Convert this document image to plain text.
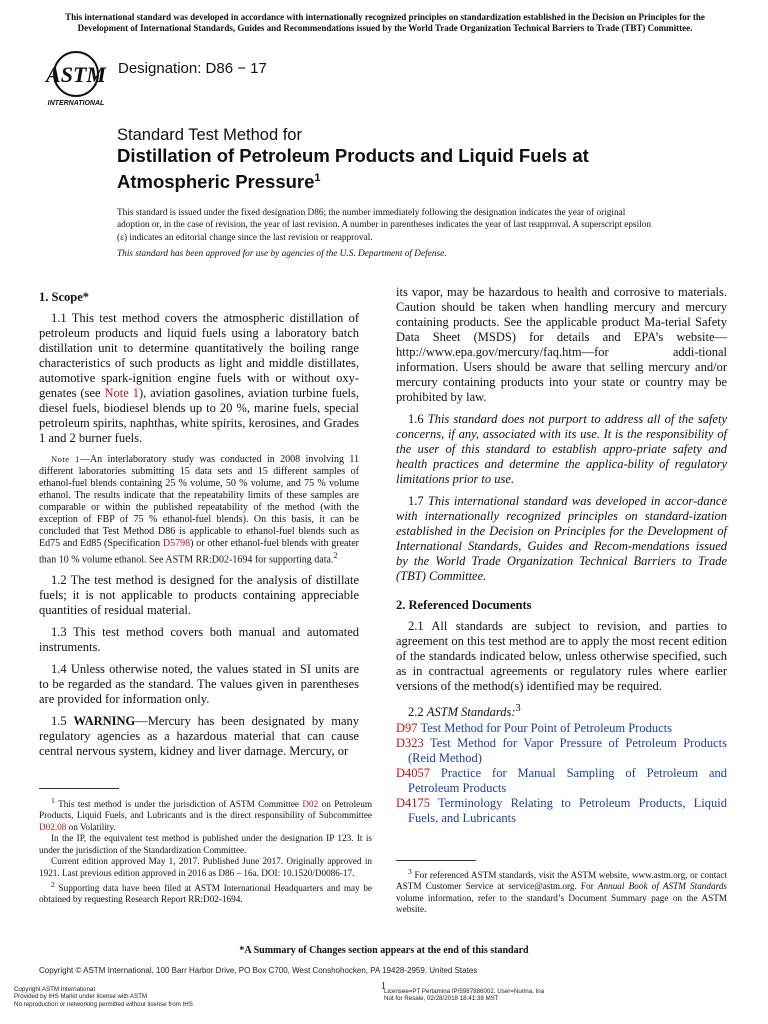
This international standard was developed in accordance with internationally recognized principles on standardization established in the Decision on Principles for the Development of International Standards, Guides and Recommendations issued by the World Trade Organization Technical Barriers to Trade (TBT) Committee.
ASTM
INTERNATIONAL
Designation: D86 − 17
Standard Test Method for
Distillation of Petroleum Products and Liquid Fuels at
Atmospheric Pressure$^1$
This standard is issued under the fixed designation D86; the number immediately following the designation indicates the year of original adoption or, in the case of revision, the year of last revision. A number in parentheses indicates the year of last reapproval. A superscript epsilon (ε) indicates an editorial change since the last revision or reapproval.
This standard has been approved for use by agencies of the U.S. Department of Defense.
1. Scope*

1.1 This test method covers the atmospheric distillation of petroleum products and liquid fuels using a laboratory batch distillation unit to determine quantitatively the boiling range characteristics of such products as light and middle distillates, automotive spark-ignition engine fuels with or without oxy-genates (see Note 1), aviation gasolines, aviation turbine fuels, diesel fuels, biodiesel blends up to 20 %, marine fuels, special petroleum spirits, naphthas, white spirits, kerosines, and Grades 1 and 2 burner fuels.

Note 1—An interlaboratory study was conducted in 2008 involving 11 different laboratories submitting 15 data sets and 15 different samples of ethanol-fuel blends containing 25 % volume, 50 % volume, and 75 % volume ethanol. The results indicate that the repeatability limits of these samples are comparable or within the published repeatability of the method (with the exception of FBP of 75 % ethanol-fuel blends). On this basis, it can be concluded that Test Method D86 is applicable to ethanol-fuel blends such as Ed75 and Ed85 (Specification D5798) or other ethanol-fuel blends with greater than 10 % volume ethanol. See ASTM RR:D02-1694 for supporting data.$^2$

1.2 The test method is designed for the analysis of distillate fuels; it is not applicable to products containing appreciable quantities of residual material.

1.3 This test method covers both manual and automated instruments.

1.4 Unless otherwise noted, the values stated in SI units are to be regarded as the standard. The values given in parentheses are provided for information only.

1.5 WARNING—Mercury has been designated by many regulatory agencies as a hazardous material that can cause central nervous system, kidney and liver damage. Mercury, or

its vapor, may be hazardous to health and corrosive to materials. Caution should be taken when handling mercury and mercury containing products. See the applicable product Ma-terial Safety Data Sheet (MSDS) for details and EPA’s website—http://www.epa.gov/mercury/faq.htm—for addi-tional information. Users should be aware that selling mercury and/or mercury containing products into your state or country may be prohibited by law.

1.6 This standard does not purport to address all of the safety concerns, if any, associated with its use. It is the responsibility of the user of this standard to establish appro-priate safety and health practices and determine the applica-bility of regulatory limitations prior to use.

1.7 This international standard was developed in accor-dance with internationally recognized principles on standard-ization established in the Decision on Principles for the Development of International Standards, Guides and Recom-mendations issued by the World Trade Organization Technical Barriers to Trade (TBT) Committee.

2. Referenced Documents

2.1 All standards are subject to revision, and parties to agreement on this test method are to apply the most recent edition of the standards indicated below, unless otherwise specified, such as in contractual agreements or regulatory rules where earlier versions of the method(s) identified may be required.

2.2 ASTM Standards:$^3$

D97 Test Method for Pour Point of Petroleum Products
D323 Test Method for Vapor Pressure of Petroleum Products (Reid Method)
D4057 Practice for Manual Sampling of Petroleum and Petroleum Products
D4175 Terminology Relating to Petroleum Products, Liquid Fuels, and Lubricants

$^1$ This test method is under the jurisdiction of ASTM Committee D02 on Petroleum Products, Liquid Fuels, and Lubricants and is the direct responsibility of Subcommittee D02.08 on Volatility.

In the IP, the equivalent test method is published under the designation IP 123. It is under the jurisdiction of the Standardization Committee.

Current edition approved May 1, 2017. Published June 2017. Originally approved in 1921. Last previous edition approved in 2016 as D86 – 16a. DOI: 10.1520/D0086-17.

$^2$ Supporting data have been filed at ASTM International Headquarters and may be obtained by requesting Research Report RR:D02-1694.

$^3$ For referenced ASTM standards, visit the ASTM website, www.astm.org, or contact ASTM Customer Service at service@astm.org. For Annual Book of ASTM Standards volume information, refer to the standard’s Document Summary page on the ASTM website.

*A Summary of Changes section appears at the end of this standard
Copyright © ASTM International, 100 Barr Harbor Drive, PO Box C700, West Conshohocken, PA 19428-2959. United States
1
Copyright ASTM International
Provided by IHS Markit under license with ASTM
No reproduction or networking permitted without license from IHS
Licensee=PT Pertamina IP/5987886002, User=Nurina, Ina
Not for Resale, 02/28/2018 18:41:38 MST
